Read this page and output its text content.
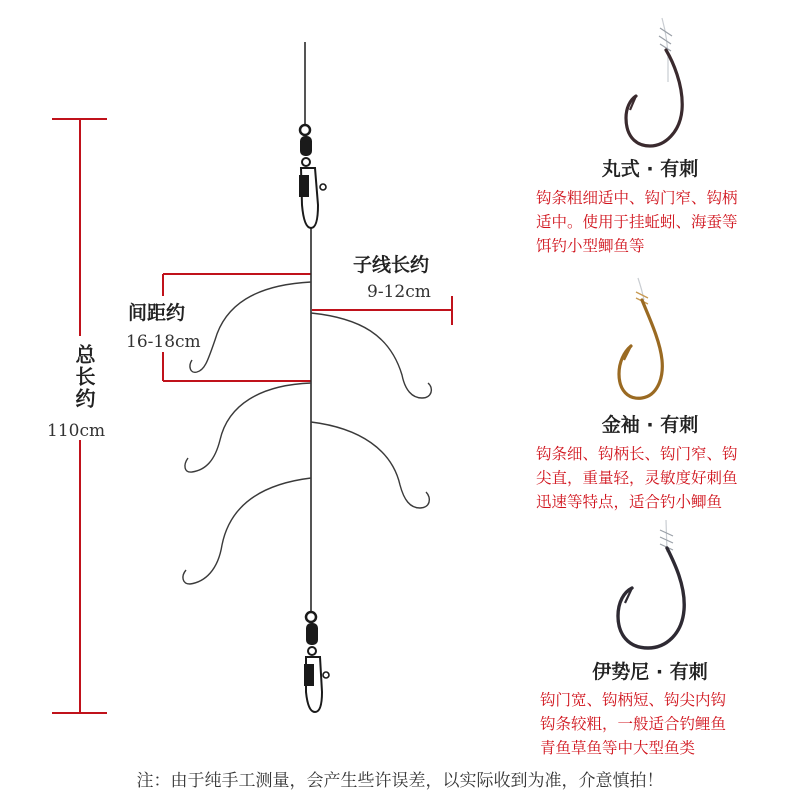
总长约
110cm
间距约
16-18cm
子线长约
9-12cm
丸式 · 有刺
钩条粗细适中、钩门窄、钩柄
适中。使用于挂蚯蚓、海蚕等
饵钓小型鲫鱼等
金袖 · 有刺
钩条细、钩柄长、钩门窄、钩
尖直，重量轻，灵敏度好刺鱼
迅速等特点，适合钓小鲫鱼
伊势尼 · 有刺
钩门宽、钩柄短、钩尖内钩
钩条较粗，一般适合钓鲤鱼
青鱼草鱼等中大型鱼类
注：由于纯手工测量，会产生些许误差，以实际收到为准，介意慎拍！
